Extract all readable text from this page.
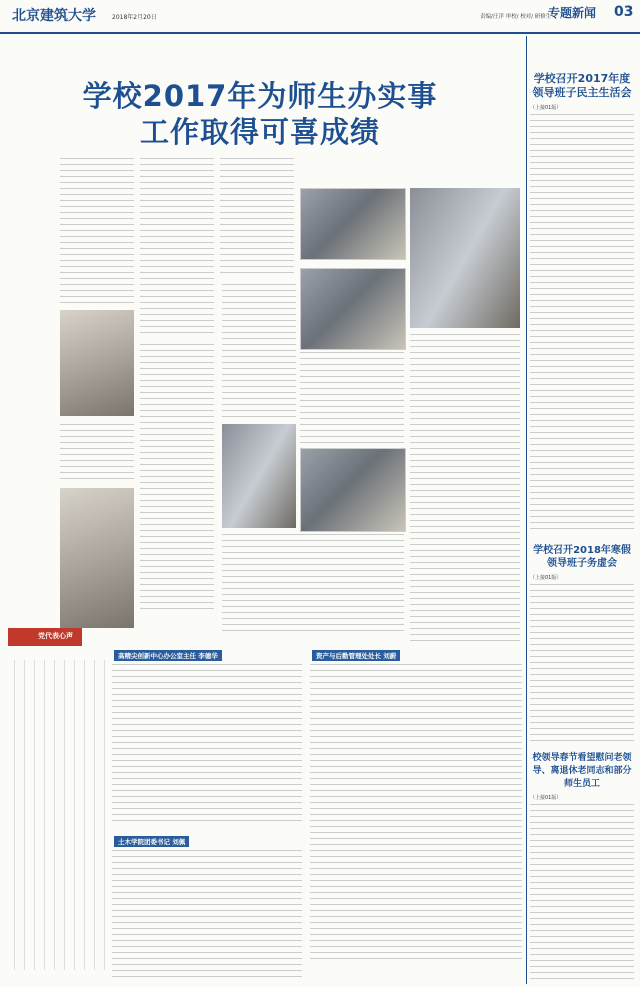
北京建筑大学	2018年2月20日	责编/汪洋 审校/ 校对/ 研修生
专题新闻 03
学校2017年为师生办实事
工作取得可喜成绩
学校召开2017年度领导班子民主生活会
（上接01版）
学校召开2018年寒假领导班子务虚会
（上接01版）
校领导春节看望慰问老领导、离退休老同志和部分师生员工
（上接01版）
党代表心声
高精尖创新中心办公室主任 李德华	资产与后勤管理处处长 刘蔚
土木学院团委书记 刘佩
